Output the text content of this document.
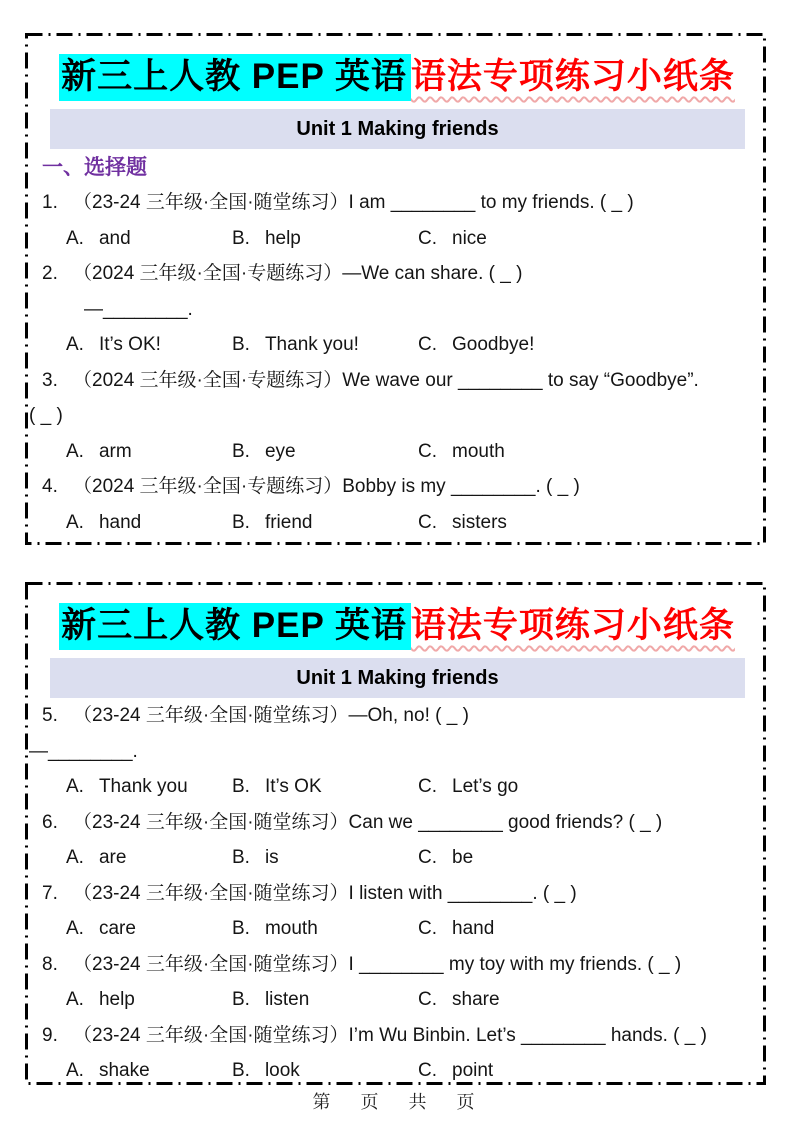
新三上人教 PEP 英语 语法专项练习小纸条
Unit 1 Making friends
一、选择题
1. （23-24 三年级·全国·随堂练习）I am ________ to my friends. ( _ )
A. and	B. help	C. nice
2. （2024 三年级·全国·专题练习）—We can share. ( _ )
—________.
A. It’s OK!	B. Thank you!	C. Goodbye!
3. （2024 三年级·全国·专题练习）We wave our ________ to say “Goodbye”.
( _ )
A. arm	B. eye	C. mouth
4. （2024 三年级·全国·专题练习）Bobby is my ________. ( _ )
A. hand	B. friend	C. sisters
新三上人教 PEP 英语 语法专项练习小纸条
Unit 1 Making friends
5. （23-24 三年级·全国·随堂练习）—Oh, no! ( _ )
—________.
A. Thank you	B. It’s OK	C. Let’s go
6. （23-24 三年级·全国·随堂练习）Can we ________ good friends? ( _ )
A. are	B. is	C. be
7. （23-24 三年级·全国·随堂练习）I listen with ________. ( _ )
A. care	B. mouth	C. hand
8. （23-24 三年级·全国·随堂练习）I ________ my toy with my friends. ( _ )
A. help	B. listen	C. share
9. （23-24 三年级·全国·随堂练习）I’m Wu Binbin. Let’s ________ hands. ( _ )
A. shake	B. look	C. point
第 页 共 页
